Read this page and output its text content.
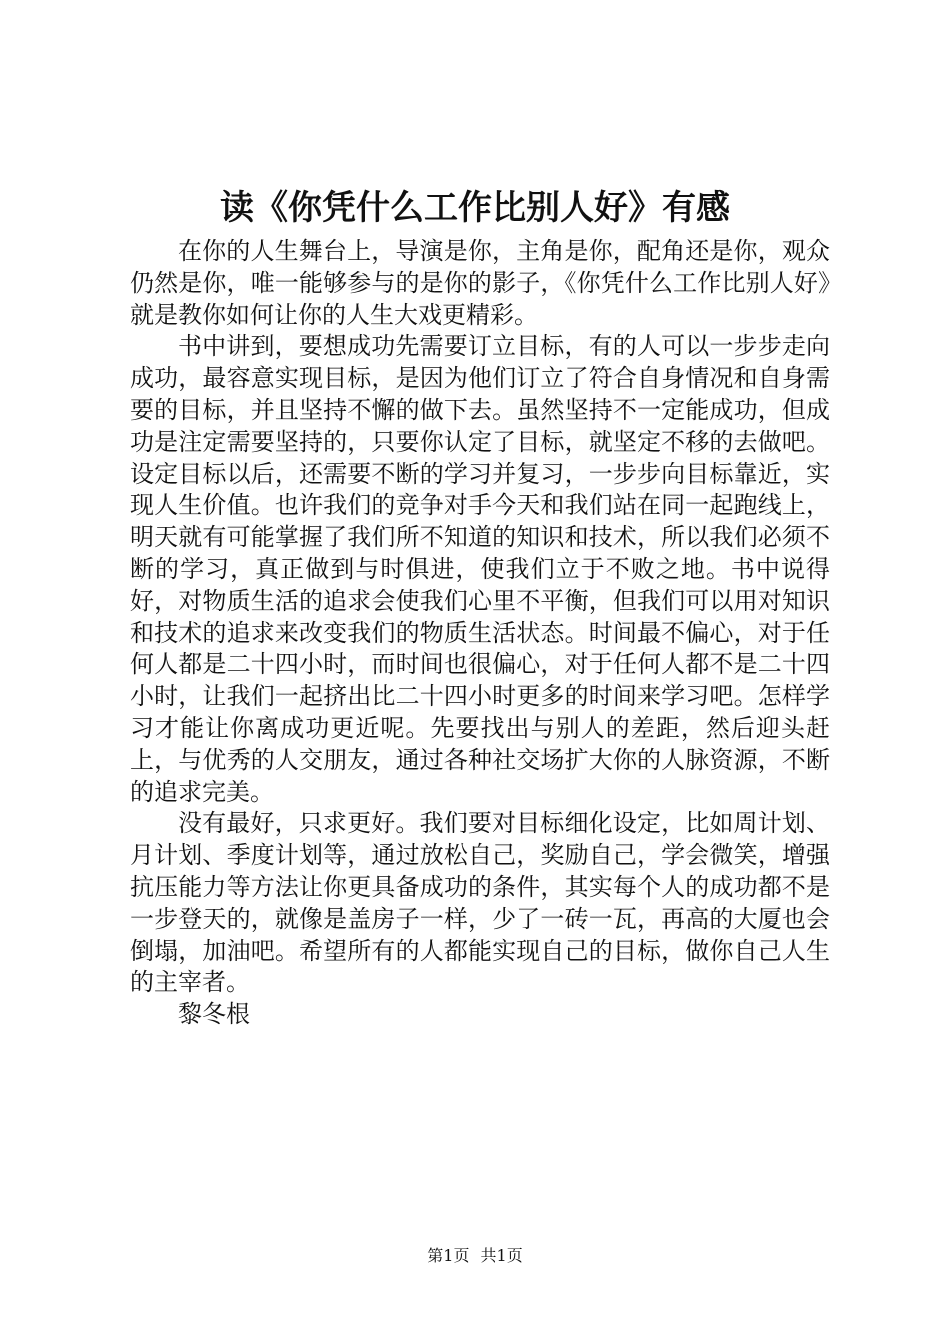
读《你凭什么工作比别人好》有感

在你的人生舞台上，导演是你，主角是你，配角还是你，观众仍然是你，唯一能够参与的是你的影子，《你凭什么工作比别人好》就是教你如何让你的人生大戏更精彩。

书中讲到，要想成功先需要订立目标，有的人可以一步步走向成功，最容意实现目标，是因为他们订立了符合自身情况和自身需要的目标，并且坚持不懈的做下去。虽然坚持不一定能成功，但成功是注定需要坚持的，只要你认定了目标，就坚定不移的去做吧。设定目标以后，还需要不断的学习并复习，一步步向目标靠近，实现人生价值。也许我们的竞争对手今天和我们站在同一起跑线上，明天就有可能掌握了我们所不知道的知识和技术，所以我们必须不断的学习，真正做到与时俱进，使我们立于不败之地。书中说得好，对物质生活的追求会使我们心里不平衡，但我们可以用对知识和技术的追求来改变我们的物质生活状态。时间最不偏心，对于任何人都是二十四小时，而时间也很偏心，对于任何人都不是二十四小时，让我们一起挤出比二十四小时更多的时间来学习吧。怎样学习才能让你离成功更近呢。先要找出与别人的差距，然后迎头赶上，与优秀的人交朋友，通过各种社交场扩大你的人脉资源，不断的追求完美。

没有最好，只求更好。我们要对目标细化设定，比如周计划、月计划、季度计划等，通过放松自己，奖励自己，学会微笑，增强抗压能力等方法让你更具备成功的条件，其实每个人的成功都不是一步登天的，就像是盖房子一样，少了一砖一瓦，再高的大厦也会倒塌，加油吧。希望所有的人都能实现自己的目标，做你自己人生的主宰者。

黎冬根

第1页 共1页
